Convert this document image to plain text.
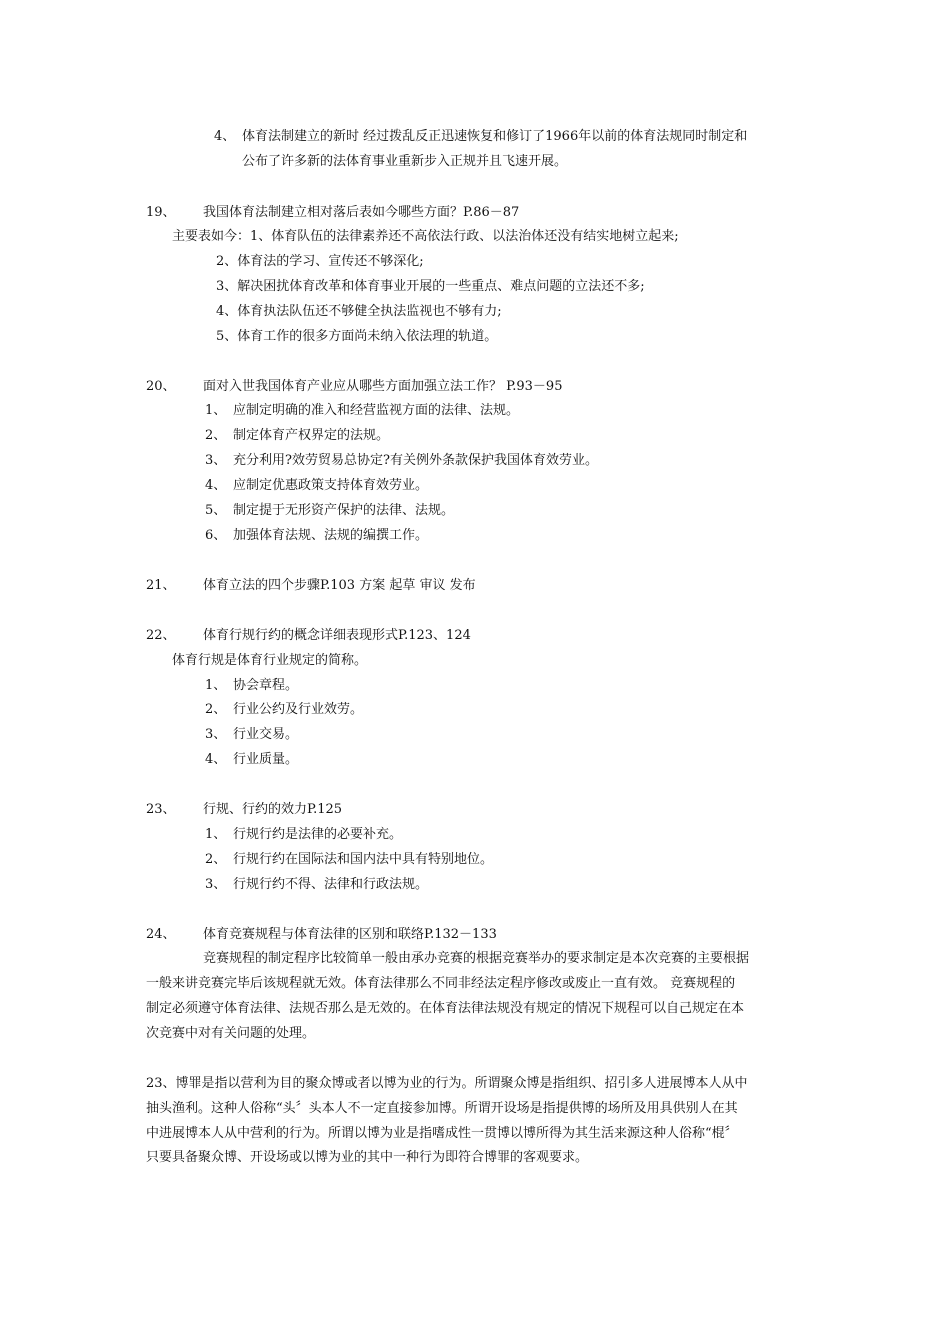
4、 体育法制建立的新时 经过拨乱反正迅速恢复和修订了1966年以前的体育法规同时制定和
公布了许多新的法体育事业重新步入正规并且飞速开展。
19、 我国体育法制建立相对落后表如今哪些方面？P.86－87
主要表如今：1、体育队伍的法律素养还不高依法行政、以法治体还没有结实地树立起来;
2、体育法的学习、宣传还不够深化;
3、解决困扰体育改革和体育事业开展的一些重点、难点问题的立法还不多;
4、体育执法队伍还不够健全执法监视也不够有力;
5、体育工作的很多方面尚未纳入依法理的轨道。
20、 面对入世我国体育产业应从哪些方面加强立法工作？ P.93－95
1、 应制定明确的准入和经营监视方面的法律、法规。
2、 制定体育产权界定的法规。
3、 充分利用?效劳贸易总协定?有关例外条款保护我国体育效劳业。
4、 应制定优惠政策支持体育效劳业。
5、 制定提于无形资产保护的法律、法规。
6、 加强体育法规、法规的编撰工作。
21、 体育立法的四个步骤P.103 方案 起草 审议 发布
22、 体育行规行约的概念详细表现形式P.123、124
体育行规是体育行业规定的简称。
1、 协会章程。
2、 行业公约及行业效劳。
3、 行业交易。
4、 行业质量。
23、 行规、行约的效力P.125
1、 行规行约是法律的必要补充。
2、 行规行约在国际法和国内法中具有特别地位。
3、 行规行约不得、法律和行政法规。
24、 体育竞赛规程与体育法律的区别和联络P.132－133
竞赛规程的制定程序比较简单一般由承办竞赛的根据竞赛举办的要求制定是本次竞赛的主要根据
一般来讲竞赛完毕后该规程就无效。体育法律那么不同非经法定程序修改或废止一直有效。 竞赛规程的
制定必须遵守体育法律、法规否那么是无效的。在体育法律法规没有规定的情况下规程可以自己规定在本
次竞赛中对有关问题的处理。
23、博罪是指以营利为目的聚众博或者以博为业的行为。所谓聚众博是指组织、招引多人进展博本人从中
抽头渔利。这种人俗称“头〞头本人不一定直接参加博。所谓开设场是指提供博的场所及用具供别人在其
中进展博本人从中营利的行为。所谓以博为业是指嗜成性一贯博以博所得为其生活来源这种人俗称“棍〞
只要具备聚众博、开设场或以博为业的其中一种行为即符合博罪的客观要求。
